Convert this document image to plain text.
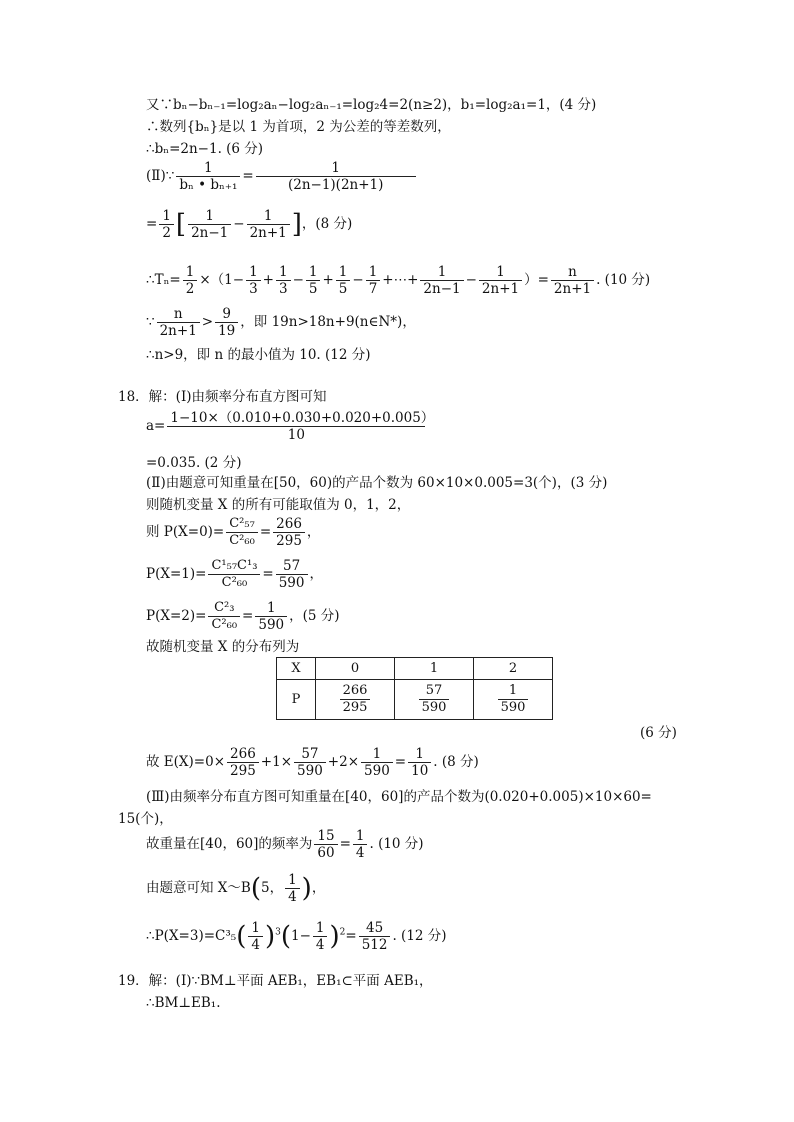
又∵bₙ−bₙ₋₁=log₂aₙ−log₂aₙ₋₁=log₂4=2(n≥2)，b₁=log₂a₁=1，(4 分)
∴数列{bₙ}是以 1 为首项，2 为公差的等差数列，
∴bₙ=2n−1. (6 分)
(Ⅱ)∵ $\frac{1}{\text{bₙ • bₙ₊₁}} = \frac{1}{(2n-1)(2n+1)}$
= $\frac{1}{2}$ [ $\frac{1}{2n-1} - \frac{1}{2n+1}$ ]，(8 分)
∴Tₙ= $\frac{1}{2} \times(1- \frac{1}{3} + \frac{1}{3} - \frac{1}{5} + \frac{1}{5} - \frac{1}{7}$ +⋯+ $\frac{1}{2n-1} - \frac{1}{2n+1}$ ）= $\frac{n}{2n+1}$ . (10 分)
∵ $\frac{n}{2n+1} > \frac{9}{19}$ ，即 19n>18n+9(n∈N*)，
∴n>9，即 n 的最小值为 10. (12 分)
18．解：(Ⅰ)由频率分布直方图可知
$a= \frac{1-10\times(0.010+0.030+0.020+0.005)}{10}$
=0.035. (2 分)
(Ⅱ)由题意可知重量在[50，60)的产品个数为 60×10×0.005=3(个)，(3 分)
则随机变量 X 的所有可能取值为 0，1，2，
则 $P(X=0)= \frac{\text{C²₅₇}}{\text{C²₆₀}} = \frac{266}{295}$ ，
$P(X=1)= \frac{\text{C¹₅₇C¹₃}}{\text{C²₆₀}} = \frac{57}{590}$ ，
$P(X=2)= \frac{\text{C²₃}}{\text{C²₆₀}} = \frac{1}{590}$ ，(5 分)
故随机变量 X 的分布列为
X	0	1	2
P	$\frac{266}{295}$	$\frac{57}{590}$	$\frac{1}{590}$
(6 分)
故 $E(X)=0\times \frac{266}{295} +1\times \frac{57}{590} +2\times \frac{1}{590} = \frac{1}{10}$ . (8 分)
(Ⅲ)由频率分布直方图可知重量在[40，60]的产品个数为(0.020+0.005)×10×60=
15(个)，
故重量在[40，60]的频率为 $\frac{15}{60} = \frac{1}{4}$ . (10 分)
由题意可知 X～B(5， $\frac{1}{4}$ )，
∴P(X=3)=C³₅( $\frac{1}{4} )^3(1- \frac{1}{4} )^2= \frac{45}{512}$ . (12 分)
19．解：(Ⅰ)∵BM⊥平面 AEB₁，EB₁⊂平面 AEB₁，
∴BM⊥EB₁.
